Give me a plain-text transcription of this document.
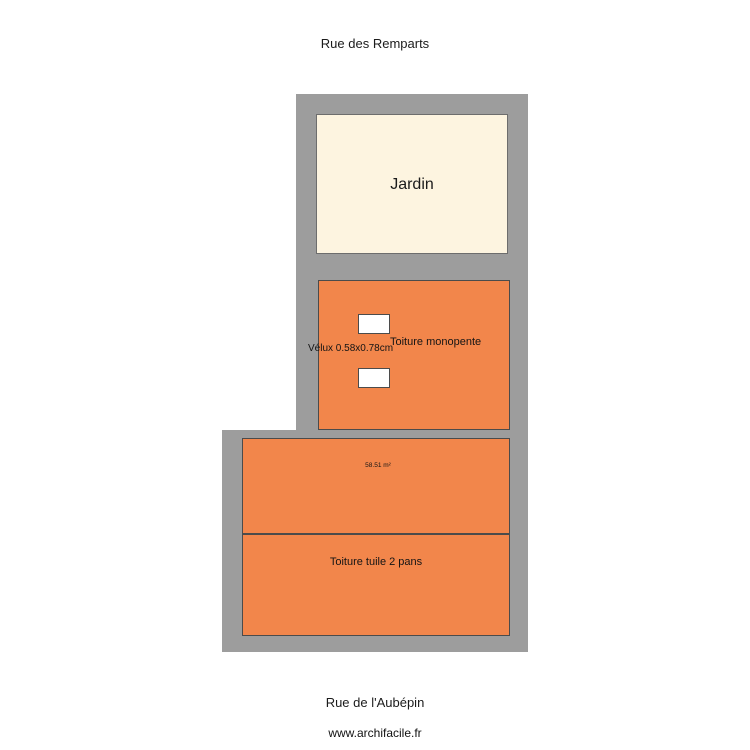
Rue des Remparts
Jardin
Toiture monopente
Vélux 0.58x0.78cm
58.51 m²
Toiture tuile 2 pans
Rue de l'Aubépin
www.archifacile.fr
